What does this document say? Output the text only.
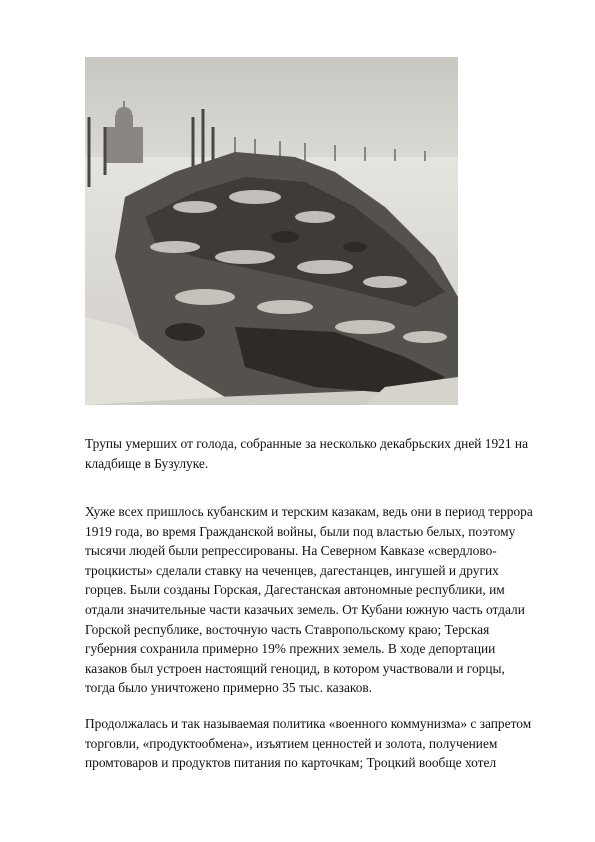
Трупы умерших от голода, собранные за несколько декабрьских дней 1921 на
кладбище в Бузулуке.

Хуже всех пришлось кубанским и терским казакам, ведь они в период террора
1919 года, во время Гражданской войны, были под властью белых, поэтому
тысячи людей были репрессированы. На Северном Кавказе «свердлово-
троцкисты» сделали ставку на чеченцев, дагестанцев, ингушей и других
горцев. Были созданы Горская, Дагестанская автономные республики, им
отдали значительные части казачьих земель. От Кубани южную часть отдали
Горской республике, восточную часть Ставропольскому краю; Терская
губерния сохранила примерно 19% прежних земель. В ходе депортации
казаков был устроен настоящий геноцид, в котором участвовали и горцы,
тогда было уничтожено примерно 35 тыс. казаков.

Продолжалась и так называемая политика «военного коммунизма» с запретом
торговли, «продуктообмена», изъятием ценностей и золота, получением
промтоваров и продуктов питания по карточкам; Троцкий вообще хотел
